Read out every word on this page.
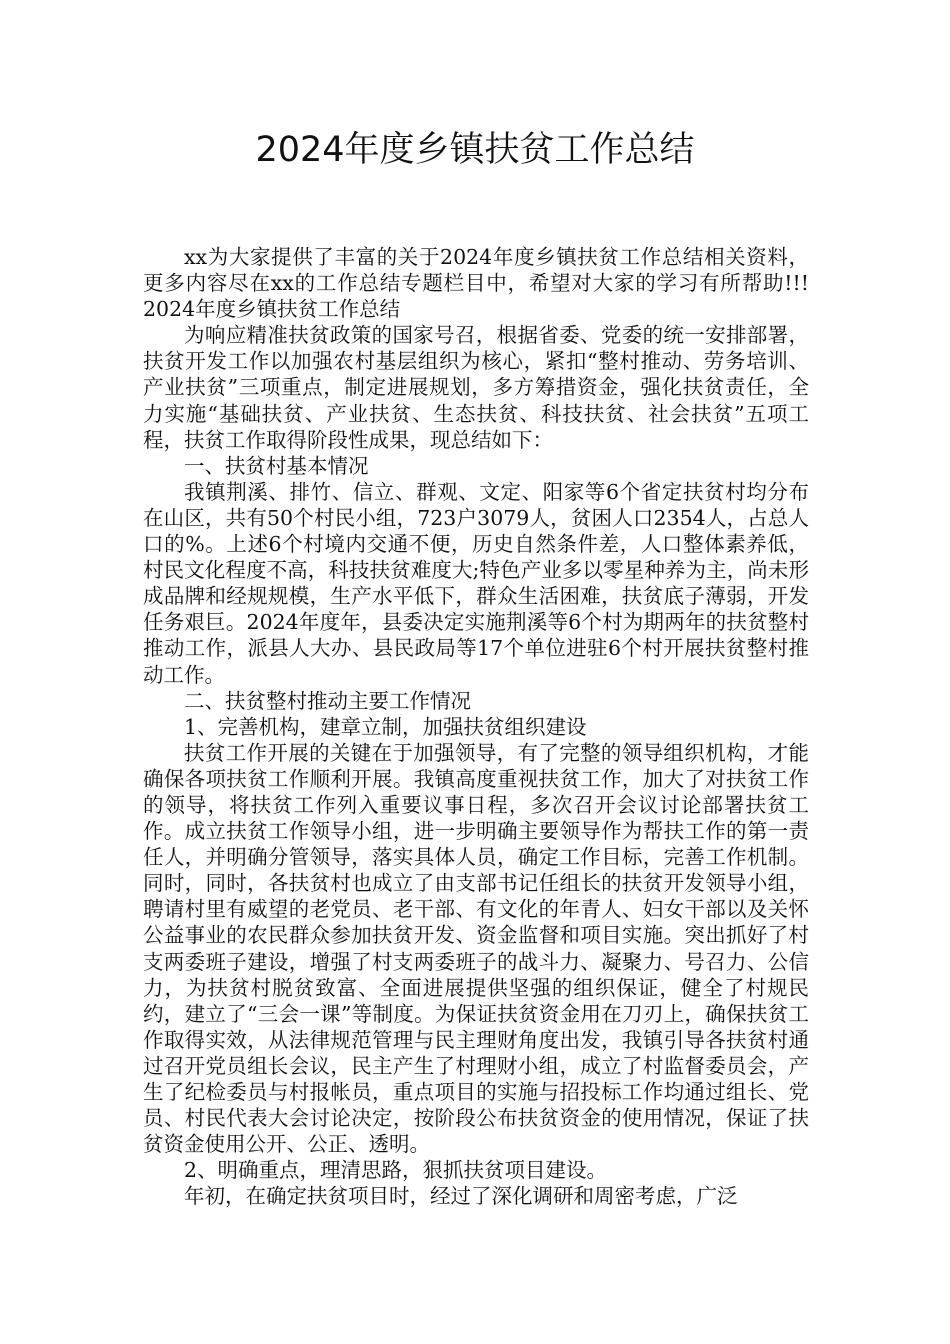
2024年度乡镇扶贫工作总结

xx为大家提供了丰富的关于2024年度乡镇扶贫工作总结相关资料，更多内容尽在xx的工作总结专题栏目中，希望对大家的学习有所帮助!!!　　2024年度乡镇扶贫工作总结

为响应精准扶贫政策的国家号召，根据省委、党委的统一安排部署，扶贫开发工作以加强农村基层组织为核心，紧扣“整村推动、劳务培训、产业扶贫”三项重点，制定进展规划，多方筹措资金，强化扶贫责任，全力实施“基础扶贫、产业扶贫、生态扶贫、科技扶贫、社会扶贫”五项工程，扶贫工作取得阶段性成果，现总结如下：

一、扶贫村基本情况

我镇荆溪、排竹、信立、群观、文定、阳家等6个省定扶贫村均分布在山区，共有50个村民小组，723户3079人，贫困人口2354人，占总人口的%。上述6个村境内交通不便，历史自然条件差，人口整体素养低，村民文化程度不高，科技扶贫难度大;特色产业多以零星种养为主，尚未形成品牌和经规规模，生产水平低下，群众生活困难，扶贫底子薄弱，开发任务艰巨。2024年度年，县委决定实施荆溪等6个村为期两年的扶贫整村推动工作，派县人大办、县民政局等17个单位进驻6个村开展扶贫整村推动工作。

二、扶贫整村推动主要工作情况

1、完善机构，建章立制，加强扶贫组织建设

扶贫工作开展的关键在于加强领导，有了完整的领导组织机构，才能确保各项扶贫工作顺利开展。我镇高度重视扶贫工作，加大了对扶贫工作的领导，将扶贫工作列入重要议事日程，多次召开会议讨论部署扶贫工作。成立扶贫工作领导小组，进一步明确主要领导作为帮扶工作的第一责任人，并明确分管领导，落实具体人员，确定工作目标，完善工作机制。同时，同时，各扶贫村也成立了由支部书记任组长的扶贫开发领导小组，聘请村里有威望的老党员、老干部、有文化的年青人、妇女干部以及关怀公益事业的农民群众参加扶贫开发、资金监督和项目实施。突出抓好了村支两委班子建设，增强了村支两委班子的战斗力、凝聚力、号召力、公信力，为扶贫村脱贫致富、全面进展提供坚强的组织保证，健全了村规民约，建立了“三会一课”等制度。为保证扶贫资金用在刀刃上，确保扶贫工作取得实效，从法律规范管理与民主理财角度出发，我镇引导各扶贫村通过召开党员组长会议，民主产生了村理财小组，成立了村监督委员会，产生了纪检委员与村报帐员，重点项目的实施与招投标工作均通过组长、党员、村民代表大会讨论决定，按阶段公布扶贫资金的使用情况，保证了扶贫资金使用公开、公正、透明。

2、明确重点，理清思路，狠抓扶贫项目建设。

年初，在确定扶贫项目时，经过了深化调研和周密考虑，广泛
